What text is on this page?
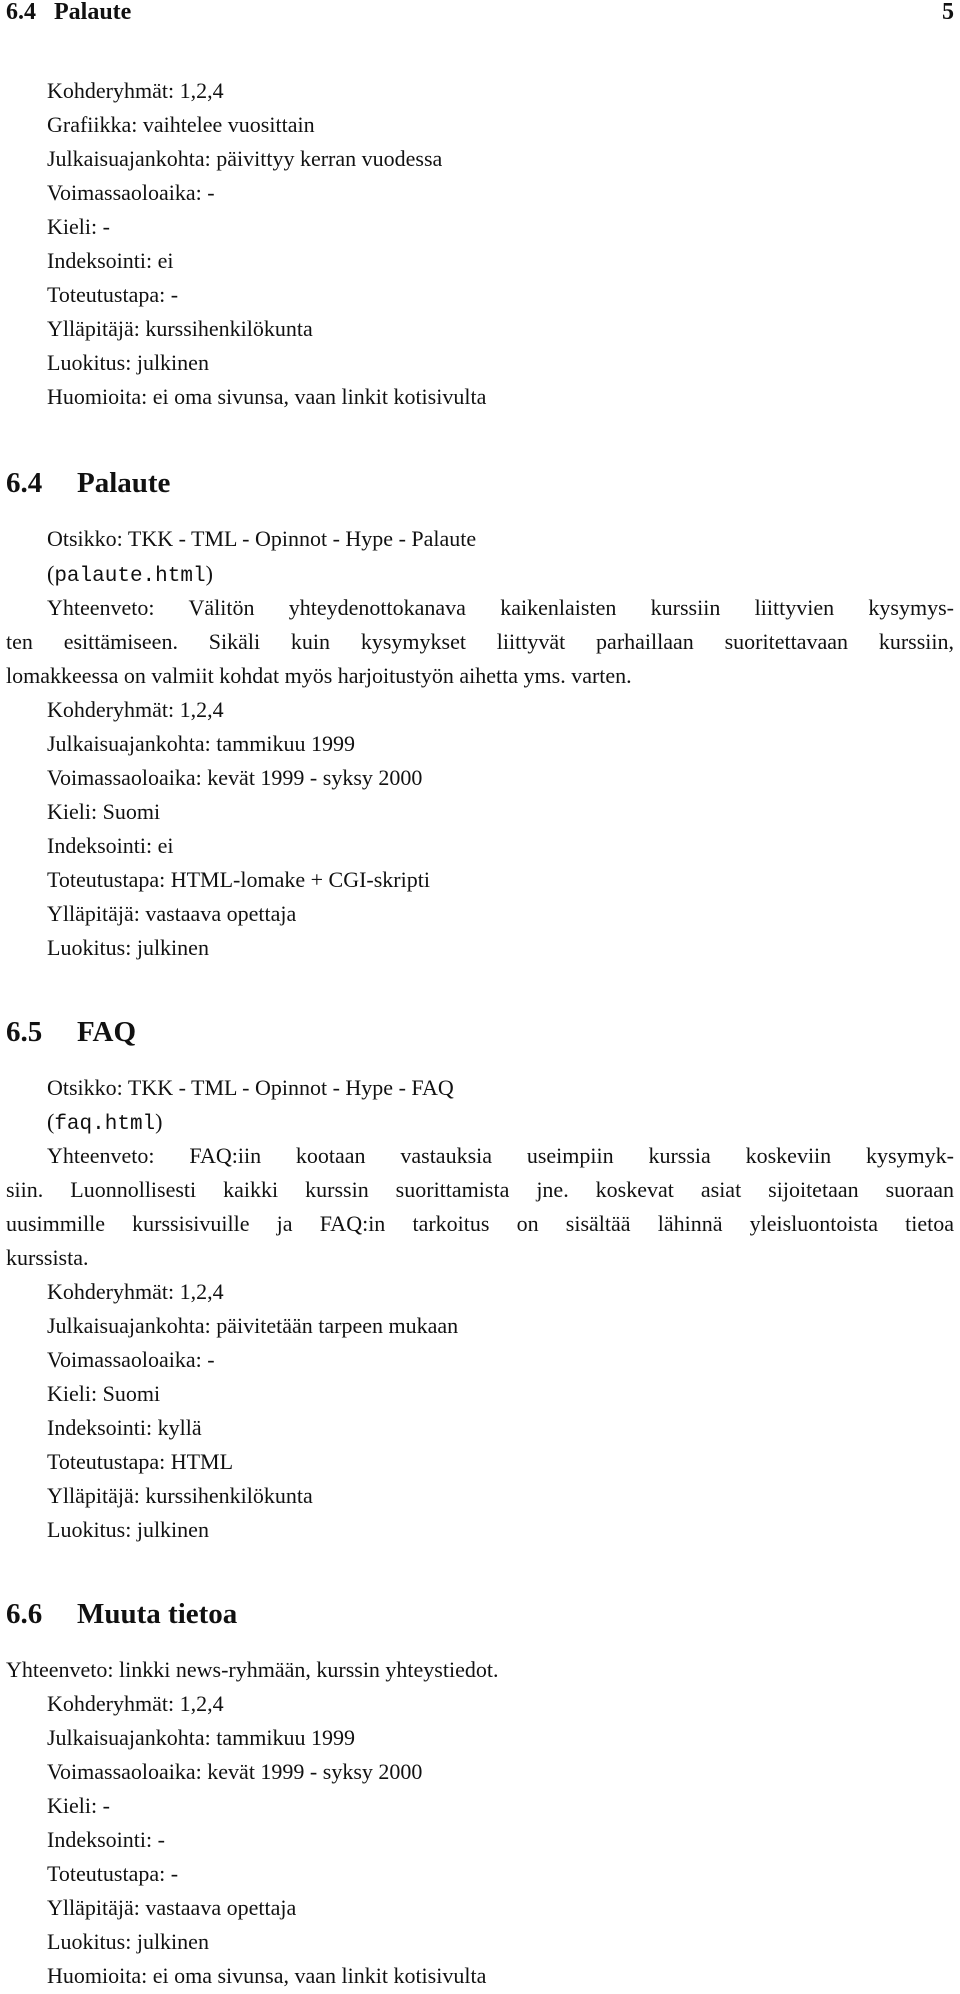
6.4   Palaute	5
Kohderyhmät: 1,2,4
Grafiikka: vaihtelee vuosittain
Julkaisuajankohta: päivittyy kerran vuodessa
Voimassaoloaika: -
Kieli: -
Indeksointi: ei
Toteutustapa: -
Ylläpitäjä: kurssihenkilökunta
Luokitus: julkinen
Huomioita: ei oma sivunsa, vaan linkit kotisivulta
6.4 Palaute
Otsikko: TKK - TML - Opinnot - Hype - Palaute
(palaute.html)
Yhteenveto: Välitön yhteydenottokanava kaikenlaisten kurssiin liittyvien kysymys-
ten esittämiseen. Sikäli kuin kysymykset liittyvät parhaillaan suoritettavaan kurssiin,
lomakkeessa on valmiit kohdat myös harjoitustyön aihetta yms. varten.
Kohderyhmät: 1,2,4
Julkaisuajankohta: tammikuu 1999
Voimassaoloaika: kevät 1999 - syksy 2000
Kieli: Suomi
Indeksointi: ei
Toteutustapa: HTML-lomake + CGI-skripti
Ylläpitäjä: vastaava opettaja
Luokitus: julkinen
6.5 FAQ
Otsikko: TKK - TML - Opinnot - Hype - FAQ
(faq.html)
Yhteenveto: FAQ:iin kootaan vastauksia useimpiin kurssia koskeviin kysymyk-
siin. Luonnollisesti kaikki kurssin suorittamista jne. koskevat asiat sijoitetaan suoraan
uusimmille kurssisivuille ja FAQ:in tarkoitus on sisältää lähinnä yleisluontoista tietoa
kurssista.
Kohderyhmät: 1,2,4
Julkaisuajankohta: päivitetään tarpeen mukaan
Voimassaoloaika: -
Kieli: Suomi
Indeksointi: kyllä
Toteutustapa: HTML
Ylläpitäjä: kurssihenkilökunta
Luokitus: julkinen
6.6 Muuta tietoa
Yhteenveto: linkki news-ryhmään, kurssin yhteystiedot.
Kohderyhmät: 1,2,4
Julkaisuajankohta: tammikuu 1999
Voimassaoloaika: kevät 1999 - syksy 2000
Kieli: -
Indeksointi: -
Toteutustapa: -
Ylläpitäjä: vastaava opettaja
Luokitus: julkinen
Huomioita: ei oma sivunsa, vaan linkit kotisivulta
